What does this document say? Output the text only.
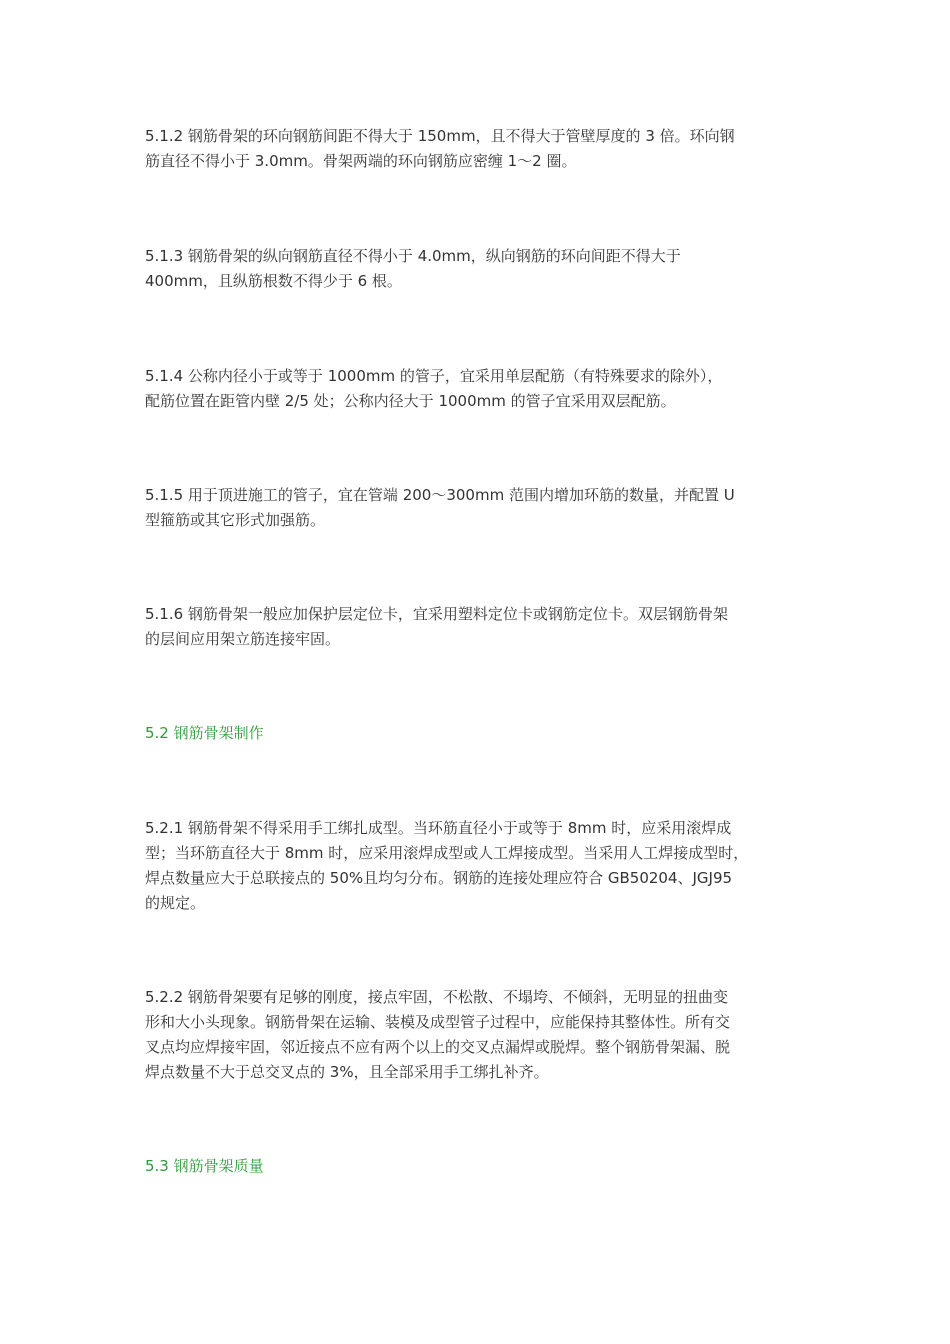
5.1.2 钢筋骨架的环向钢筋间距不得大于 150mm，且不得大于管壁厚度的 3 倍。环向钢
筋直径不得小于 3.0mm。骨架两端的环向钢筋应密缠 1～2 圈。

5.1.3 钢筋骨架的纵向钢筋直径不得小于 4.0mm，纵向钢筋的环向间距不得大于
400mm，且纵筋根数不得少于 6 根。

5.1.4 公称内径小于或等于 1000mm 的管子，宜采用单层配筋（有特殊要求的除外），
配筋位置在距管内壁 2/5 处；公称内径大于 1000mm 的管子宜采用双层配筋。

5.1.5 用于顶进施工的管子，宜在管端 200～300mm 范围内增加环筋的数量，并配置 U
型箍筋或其它形式加强筋。

5.1.6 钢筋骨架一般应加保护层定位卡，宜采用塑料定位卡或钢筋定位卡。双层钢筋骨架
的层间应用架立筋连接牢固。

5.2 钢筋骨架制作

5.2.1 钢筋骨架不得采用手工绑扎成型。当环筋直径小于或等于 8mm 时，应采用滚焊成
型；当环筋直径大于 8mm 时，应采用滚焊成型或人工焊接成型。当采用人工焊接成型时，
焊点数量应大于总联接点的 50%且均匀分布。钢筋的连接处理应符合 GB50204、JGJ95
的规定。

5.2.2 钢筋骨架要有足够的刚度，接点牢固，不松散、不塌垮、不倾斜，无明显的扭曲变
形和大小头现象。钢筋骨架在运输、装模及成型管子过程中，应能保持其整体性。所有交
叉点均应焊接牢固，邻近接点不应有两个以上的交叉点漏焊或脱焊。整个钢筋骨架漏、脱
焊点数量不大于总交叉点的 3%，且全部采用手工绑扎补齐。

5.3 钢筋骨架质量
